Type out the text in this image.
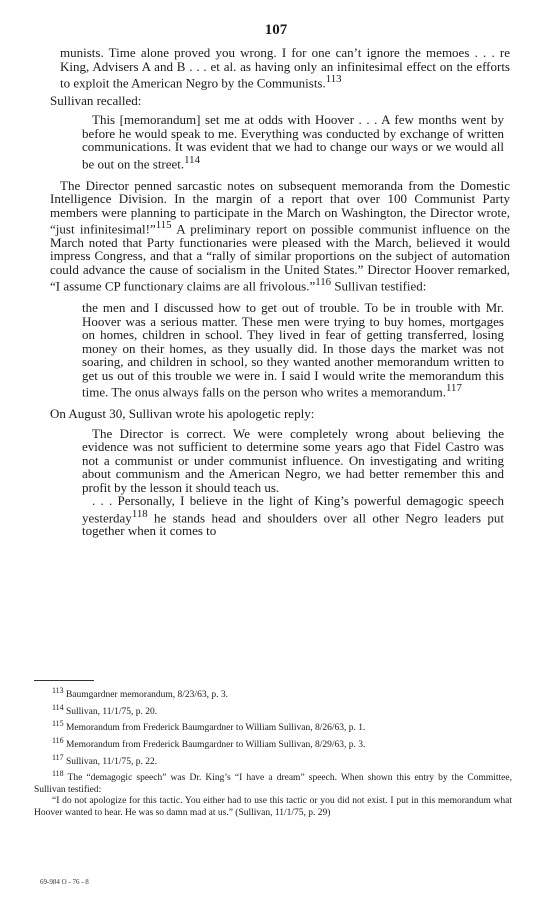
107

munists. Time alone proved you wrong. I for one can’t ignore the memoes . . . re King, Advisers A and B . . . et al. as having only an infinitesimal effect on the efforts to exploit the American Negro by the Communists.$^{113}$

Sullivan recalled:

This [memorandum] set me at odds with Hoover . . . A few months went by before he would speak to me. Everything was conducted by exchange of written communications. It was evident that we had to change our ways or we would all be out on the street.$^{114}$

The Director penned sarcastic notes on subsequent memoranda from the Domestic Intelligence Division. In the margin of a report that over 100 Communist Party members were planning to participate in the March on Washington, the Director wrote, “just infinitesimal!”$^{115}$ A preliminary report on possible communist influence on the March noted that Party functionaries were pleased with the March, believed it would impress Congress, and that a “rally of similar proportions on the subject of automation could advance the cause of socialism in the United States.” Director Hoover remarked, “I assume CP functionary claims are all frivolous.”$^{116}$ Sullivan testified:

the men and I discussed how to get out of trouble. To be in trouble with Mr. Hoover was a serious matter. These men were trying to buy homes, mortgages on homes, children in school. They lived in fear of getting transferred, losing money on their homes, as they usually did. In those days the market was not soaring, and children in school, so they wanted another memorandum written to get us out of this trouble we were in. I said I would write the memorandum this time. The onus always falls on the person who writes a memorandum.$^{117}$

On August 30, Sullivan wrote his apologetic reply:

The Director is correct. We were completely wrong about believing the evidence was not sufficient to determine some years ago that Fidel Castro was not a communist or under communist influence. On investigating and writing about communism and the American Negro, we had better remember this and profit by the lesson it should teach us.

. . . Personally, I believe in the light of King’s powerful demagogic speech yesterday$^{118}$ he stands head and shoulders over all other Negro leaders put together when it comes to

$^{113}$ Baumgardner memorandum, 8/23/63, p. 3.

$^{114}$ Sullivan, 11/1/75, p. 20.

$^{115}$ Memorandum from Frederick Baumgardner to William Sullivan, 8/26/63, p. 1.

$^{116}$ Memorandum from Frederick Baumgardner to William Sullivan, 8/29/63, p. 3.

$^{117}$ Sullivan, 11/1/75, p. 22.

$^{118}$ The “demagogic speech” was Dr. King’s “I have a dream” speech. When shown this entry by the Committee, Sullivan testified:

“I do not apologize for this tactic. You either had to use this tactic or you did not exist. I put in this memorandum what Hoover wanted to hear. He was so damn mad at us.” (Sullivan, 11/1/75, p. 29)

69-984 O - 76 - 8
